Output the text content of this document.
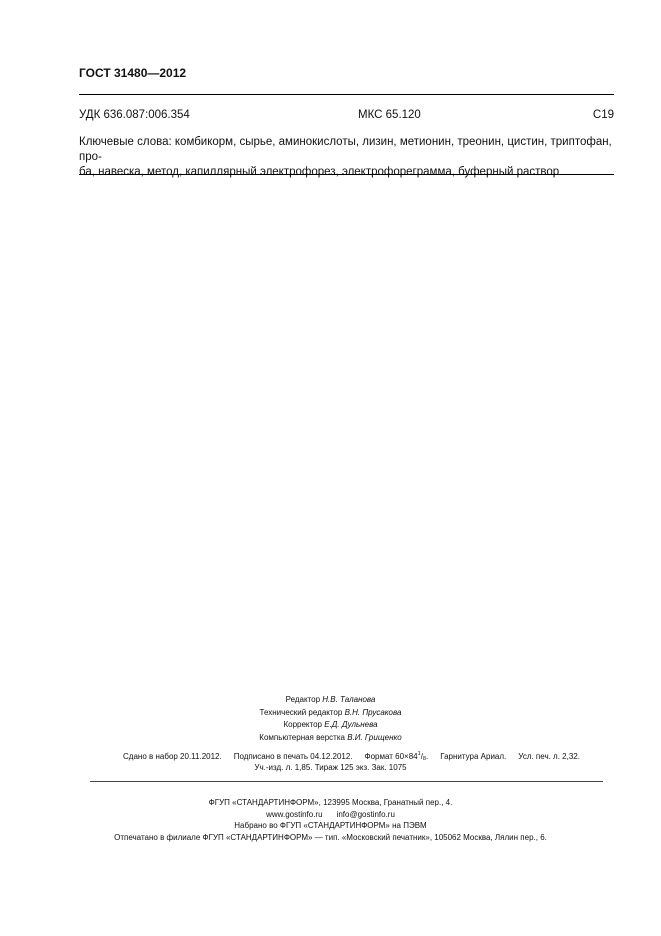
ГОСТ 31480—2012
УДК 636.087:006.354	МКС 65.120	С19
Ключевые слова: комбикорм, сырье, аминокислоты, лизин, метионин, треонин, цистин, триптофан, про-
ба, навеска, метод, капиллярный электрофорез, электрофореграмма, буферный раствор
Редактор Н.В. Таланова
Технический редактор В.Н. Прусакова
Корректор Е.Д. Дульнева
Компьютерная верстка В.И. Грищенко
Сдано в набор 20.11.2012. Подписано в печать 04.12.2012. Формат $60\times 84^1/_8$. Гарнитура Ариал. Усл. печ. л. 2,32.
Уч.-изд. л. 1,85. Тираж 125 экз. Зак. 1075
ФГУП «СТАНДАРТИНФОРМ», 123995 Москва, Гранатный пер., 4.
www.gostinfo.ru info@gostinfo.ru
Набрано во ФГУП «СТАНДАРТИНФОРМ» на ПЭВМ
Отпечатано в филиале ФГУП «СТАНДАРТИНФОРМ» — тип. «Московский печатник», 105062 Москва, Лялин пер., 6.
